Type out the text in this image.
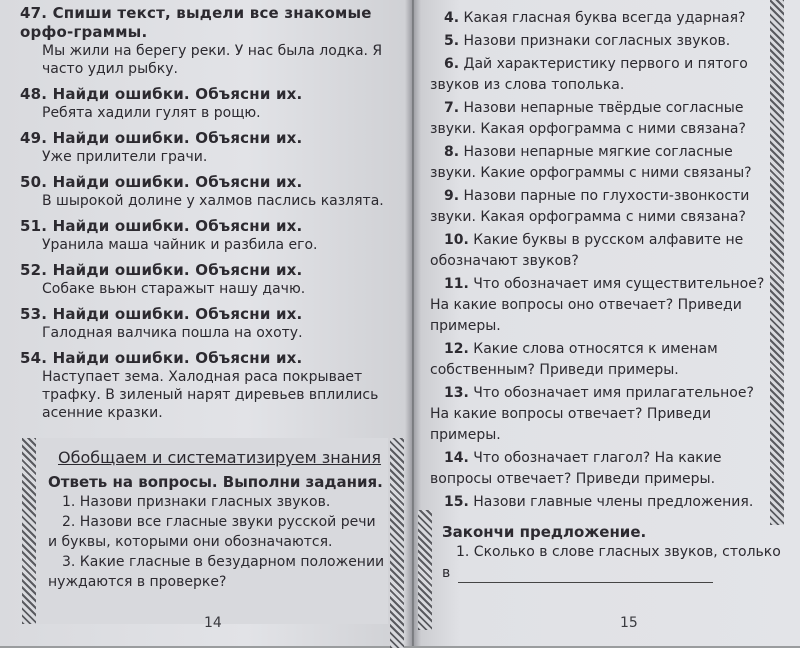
47. Спиши текст, выдели все знакомые орфо-граммы.
Мы жили на берегу реки. У нас была лодка. Я часто удил рыбку.
48. Найди ошибки. Объясни их.
Ребята хадили гулят в рощю.
49. Найди ошибки. Объясни их.
Уже прилители грачи.
50. Найди ошибки. Объясни их.
В шырокой долине у халмов паслись казлята.
51. Найди ошибки. Объясни их.
Уранила маша чайник и разбила его.
52. Найди ошибки. Объясни их.
Собаке вьюн старажыт нашу дачю.
53. Найди ошибки. Объясни их.
Галодная валчика пошла на охоту.
54. Найди ошибки. Объясни их.
Наступает зема. Халодная раса покрывает трафку. В зиленый нарят диревьев вплились асенние кразки.
Обобщаем и систематизируем знания
Ответь на вопросы. Выполни задания.
1. Назови признаки гласных звуков.
2. Назови все гласные звуки русской речи и буквы, которыми они обозначаются.
3. Какие гласные в безударном положении нуждаются в проверке?
14
4. Какая гласная буква всегда ударная?
5. Назови признаки согласных звуков.
6. Дай характеристику первого и пятого звуков из слова тополька.
7. Назови непарные твёрдые согласные звуки. Какая орфограмма с ними связана?
8. Назови непарные мягкие согласные звуки. Какие орфограммы с ними связаны?
9. Назови парные по глухости-звонкости звуки. Какая орфограмма с ними связана?
10. Какие буквы в русском алфавите не обозначают звуков?
11. Что обозначает имя существительное? На какие вопросы оно отвечает? Приведи примеры.
12. Какие слова относятся к именам собственным? Приведи примеры.
13. Что обозначает имя прилагательное? На какие вопросы отвечает? Приведи примеры.
14. Что обозначает глагол? На какие вопросы отвечает? Приведи примеры.
15. Назови главные члены предложения.
Закончи предложение.
1. Сколько в слове гласных звуков, столько
в
15
